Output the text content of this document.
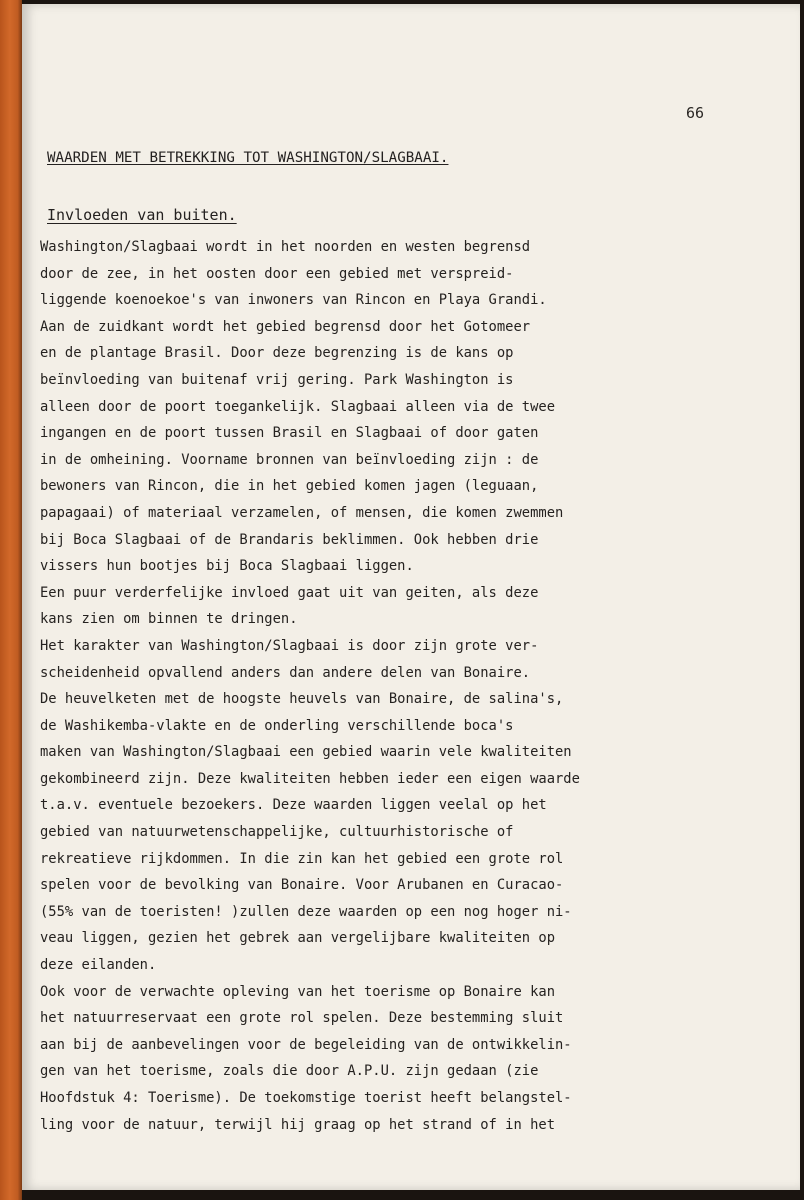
66
WAARDEN MET BETREKKING TOT WASHINGTON/SLAGBAAI.
Invloeden van buiten.
Washington/Slagbaai wordt in het noorden en westen begrensd
door de zee, in het oosten door een gebied met verspreid-
liggende koenoekoe's van inwoners van Rincon en Playa Grandi.
Aan de zuidkant wordt het gebied begrensd door het Gotomeer
en de plantage Brasil. Door deze begrenzing is de kans op
beïnvloeding van buitenaf vrij gering. Park Washington is
alleen door de poort toegankelijk. Slagbaai alleen via de twee
ingangen en de poort tussen Brasil en Slagbaai of door gaten
in de omheining. Voorname bronnen van beïnvloeding zijn : de
bewoners van Rincon, die in het gebied komen jagen (leguaan,
papagaai) of materiaal verzamelen, of mensen, die komen zwemmen
bij Boca Slagbaai of de Brandaris beklimmen. Ook hebben drie
vissers hun bootjes bij Boca Slagbaai liggen.
Een puur verderfelijke invloed gaat uit van geiten, als deze
kans zien om binnen te dringen.
Het karakter van Washington/Slagbaai is door zijn grote ver-
scheidenheid opvallend anders dan andere delen van Bonaire.
De heuvelketen met de hoogste heuvels van Bonaire, de salina's,
de Washikemba-vlakte en de onderling verschillende boca's
maken van Washington/Slagbaai een gebied waarin vele kwaliteiten
gekombineerd zijn. Deze kwaliteiten hebben ieder een eigen waarde
t.a.v. eventuele bezoekers. Deze waarden liggen veelal op het
gebied van natuurwetenschappelijke, cultuurhistorische of
rekreatieve rijkdommen. In die zin kan het gebied een grote rol
spelen voor de bevolking van Bonaire. Voor Arubanen en Curacao-
(55% van de toeristen! )zullen deze waarden op een nog hoger ni-
veau liggen, gezien het gebrek aan vergelijbare kwaliteiten op
deze eilanden.
Ook voor de verwachte opleving van het toerisme op Bonaire kan
het natuurreservaat een grote rol spelen. Deze bestemming sluit
aan bij de aanbevelingen voor de begeleiding van de ontwikkelin-
gen van het toerisme, zoals die door A.P.U. zijn gedaan (zie
Hoofdstuk 4: Toerisme). De toekomstige toerist heeft belangstel-
ling voor de natuur, terwijl hij graag op het strand of in het
